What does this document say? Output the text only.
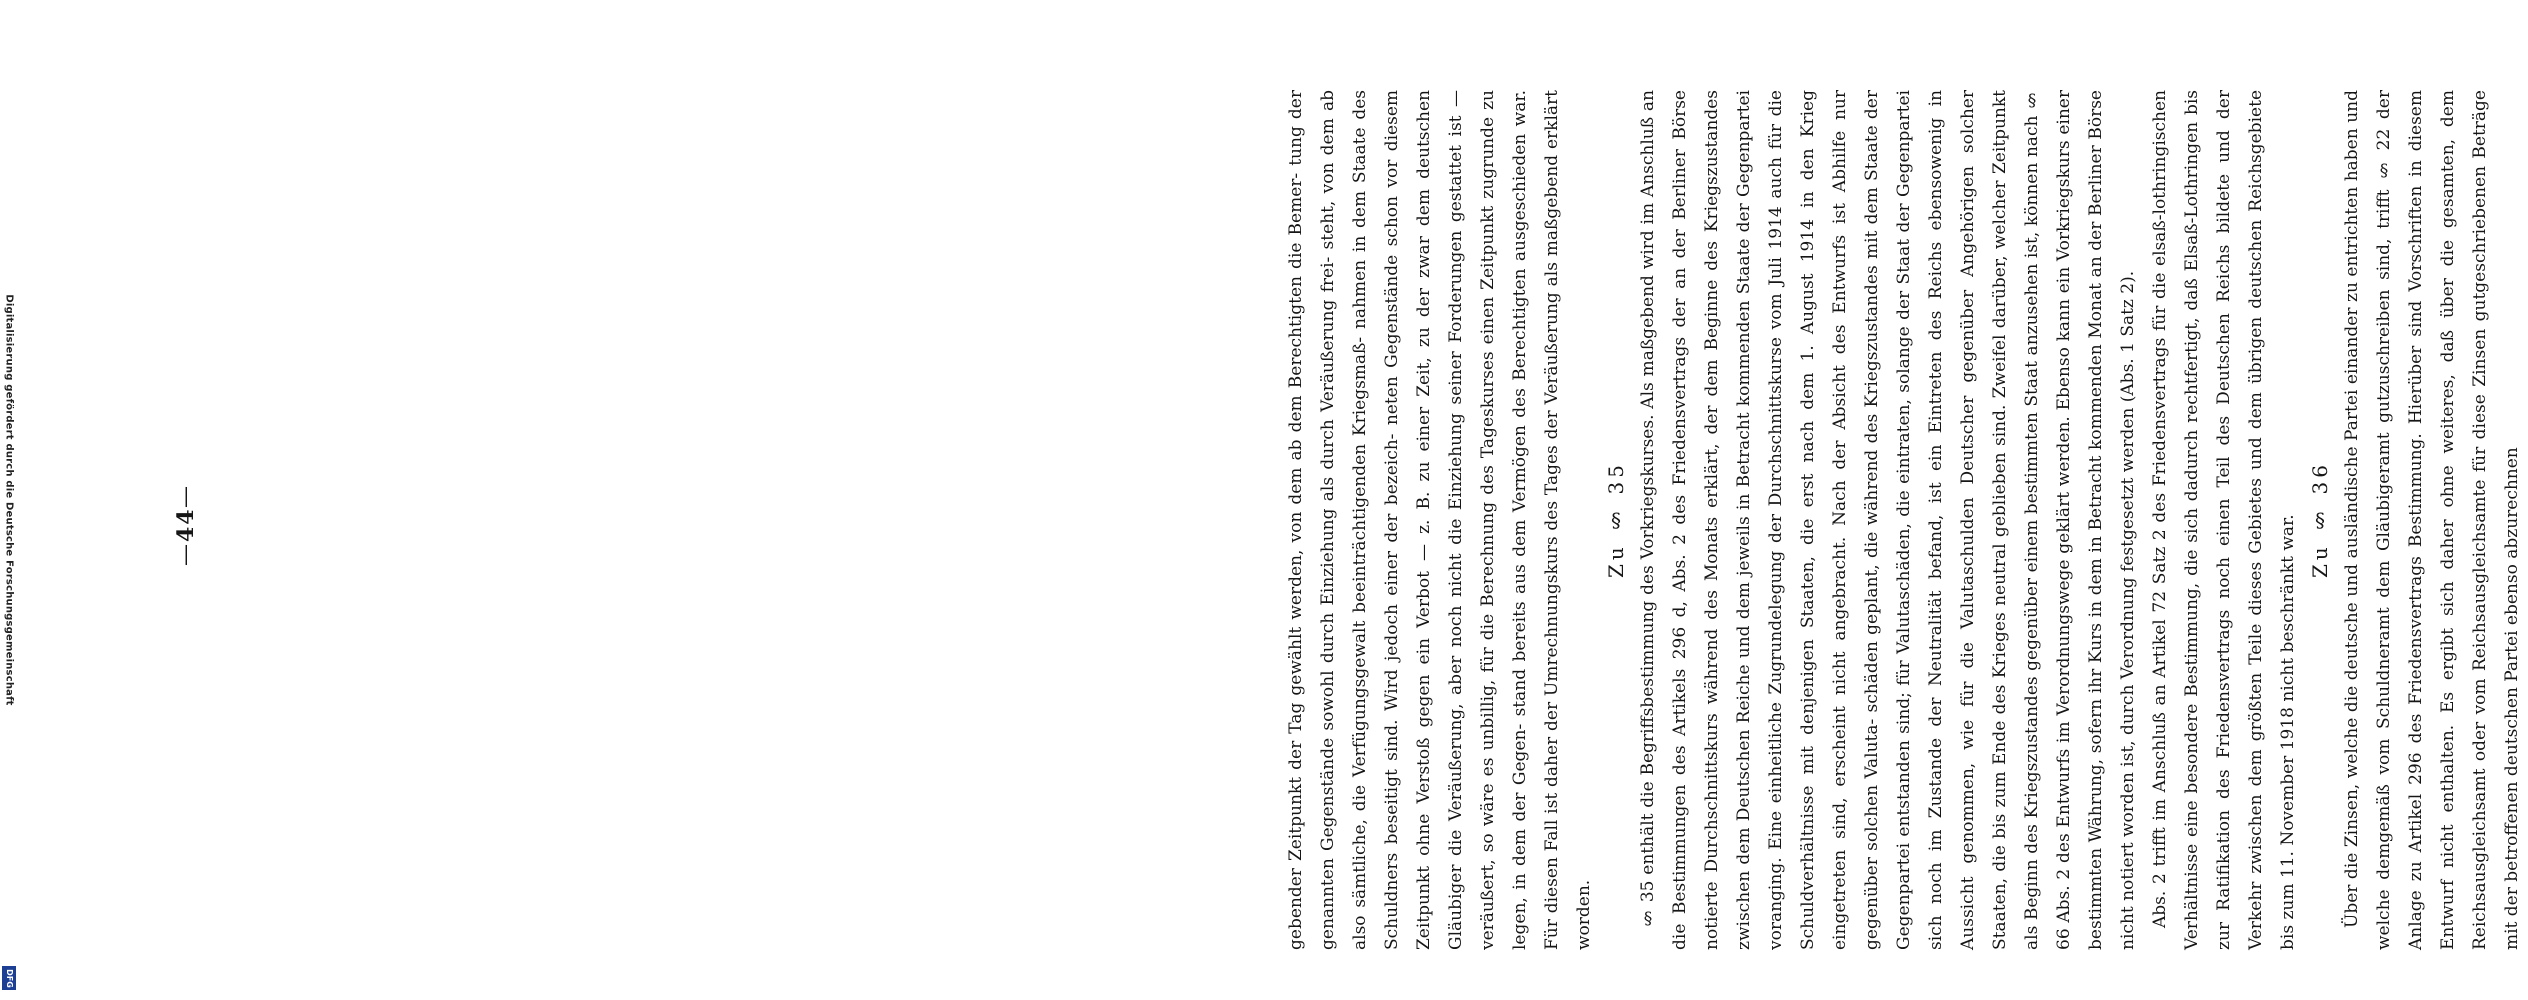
Digitalisierung gefördert durch die Deutsche Forschungsgemeinschaft
DFG

—44—	gebender Zeitpunkt der Tag gewählt werden, von dem ab dem Berechtigten die Bemer- tung der genannten Gegenstände sowohl durch Einziehung als durch Veräußerung frei- steht, von dem ab also sämtliche, die Verfügungsgewalt beeinträchtigenden Kriegsmaß- nahmen in dem Staate des Schuldners beseitigt sind. Wird jedoch einer der bezeich- neten Gegenstände schon vor diesem Zeitpunkt ohne Verstoß gegen ein Verbot — z. B. zu einer Zeit, zu der zwar dem deutschen Gläubiger die Veräußerung, aber noch nicht die Einziehung seiner Forderungen gestattet ist — veräußert, so wäre es unbillig, für die Berechnung des Tageskurses einen Zeitpunkt zugrunde zu legen, in dem der Gegen- stand bereits aus dem Vermögen des Berechtigten ausgeschieden war. Für diesen Fall ist daher der Umrechnungskurs des Tages der Veräußerung als maßgebend erklärt worden.

Zu § 35 § 35 enthält die Begriffsbestimmung des Vorkriegskurses. Als maßgebend wird im Anschluß an die Bestimmungen des Artikels 296 d, Abs. 2 des Friedensvertrags der an der Berliner Börse notierte Durchschnittskurs während des Monats erklärt, der dem Beginne des Kriegszustandes zwischen dem Deutschen Reiche und dem jeweils in Betracht kommenden Staate der Gegenpartei voranging. Eine einheitliche Zugrundelegung der Durchschnittskurse vom Juli 1914 auch für die Schuldverhältnisse mit denjenigen Staaten, die erst nach dem 1. August 1914 in den Krieg eingetreten sind, erscheint nicht angebracht. Nach der Absicht des Entwurfs ist Abhilfe nur gegenüber solchen Valuta- schäden geplant, die während des Kriegszustandes mit dem Staate der Gegenpartei entstanden sind; für Valutaschäden, die eintraten, solange der Staat der Gegenpartei sich noch im Zustande der Neutralität befand, ist ein Eintreten des Reichs ebensowenig in Aussicht genommen, wie für die Valutaschulden Deutscher gegenüber Angehörigen solcher Staaten, die bis zum Ende des Krieges neutral geblieben sind. Zweifel darüber, welcher Zeitpunkt als Beginn des Kriegszustandes gegenüber einem bestimmten Staat anzusehen ist, können nach § 66 Abs. 2 des Entwurfs im Verordnungswege geklärt werden. Ebenso kann ein Vorkriegskurs einer bestimmten Währung, sofern ihr Kurs in dem in Betracht kommenden Monat an der Berliner Börse nicht notiert worden ist, durch Verordnung festgesetzt werden (Abs. 1 Satz 2). Abs. 2 trifft im Anschluß an Artikel 72 Satz 2 des Friedensvertrags für die elsaß-lothringischen Verhältnisse eine besondere Bestimmung, die sich dadurch rechtfertigt, daß Elsaß-Lothringen bis zur Ratifikation des Friedensvertrags noch einen Teil des Deutschen Reichs bildete und der Verkehr zwischen dem größten Teile dieses Gebietes und dem übrigen deutschen Reichsgebiete bis zum 11. November 1918 nicht beschränkt war. Zu § 36 Über die Zinsen, welche die deutsche und ausländische Partei einander zu entrichten haben und welche demgemäß vom Schuldneramt dem Gläubigeramt gutzuschreiben sind, trifft § 22 der Anlage zu Artikel 296 des Friedensvertrags Bestimmung. Hierüber sind Vorschriften in diesem Entwurf nicht enthalten. Es ergibt sich daher ohne weiteres, daß über die gesamten, dem Reichsausgleichsamt oder vom Reichsausgleichsamte für diese Zinsen gutgeschriebenen Beträge mit der betroffenen deutschen Partei ebenso abzurechnen
